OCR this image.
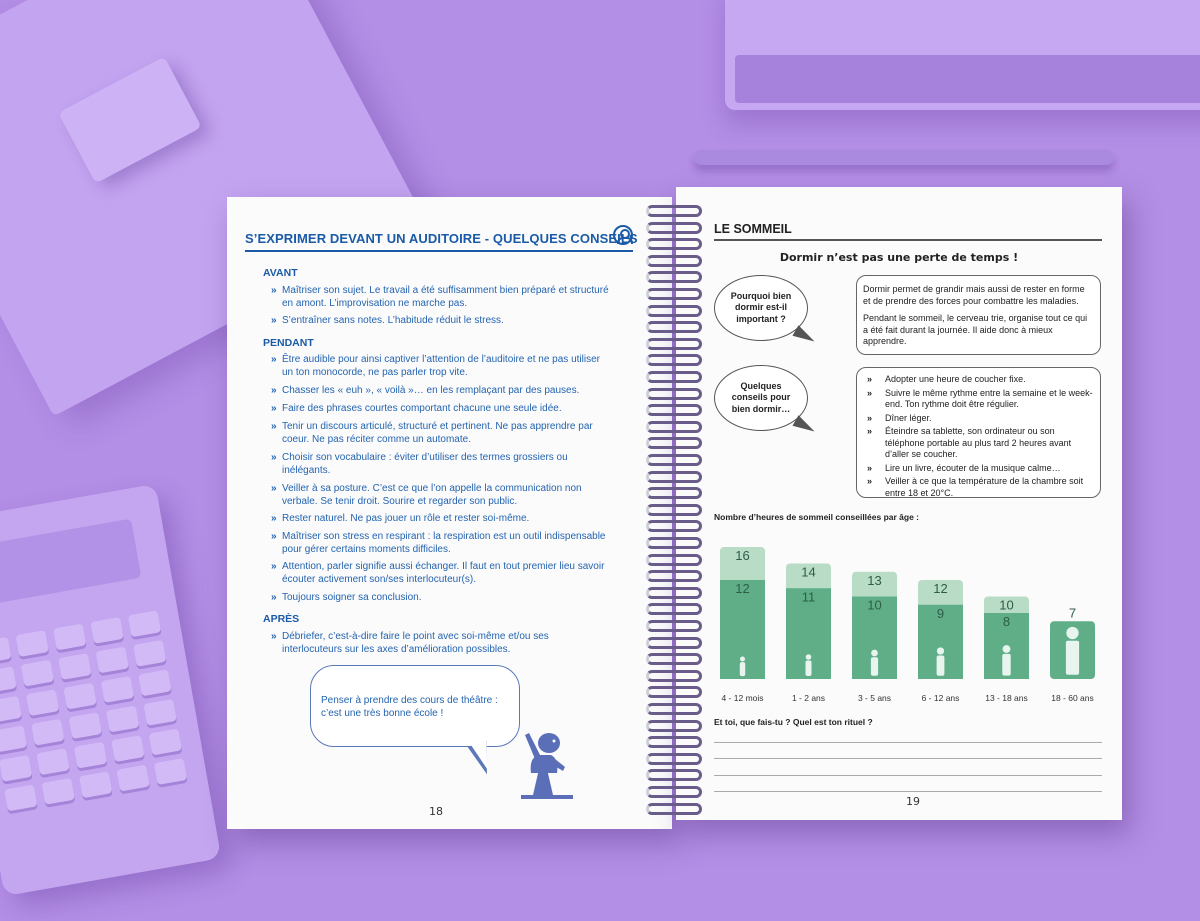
S’EXPRIMER DEVANT UN AUDITOIRE - QUELQUES CONSEILS
AVANT
» Maîtriser son sujet. Le travail a été suffisamment bien préparé et structuré en amont. L’improvisation ne marche pas.
» S’entraîner sans notes. L’habitude réduit le stress.
PENDANT
» Être audible pour ainsi captiver l’attention de l’auditoire et ne pas utiliser un ton monocorde, ne pas parler trop vite.
» Chasser les « euh », « voilà »… en les remplaçant par des pauses.
» Faire des phrases courtes comportant chacune une seule idée.
» Tenir un discours articulé, structuré et pertinent. Ne pas apprendre par coeur. Ne pas réciter comme un automate.
» Choisir son vocabulaire : éviter d’utiliser des termes grossiers ou inélégants.
» Veiller à sa posture. C’est ce que l’on appelle la communication non verbale. Se tenir droit. Sourire et regarder son public.
» Rester naturel. Ne pas jouer un rôle et rester soi-même.
» Maîtriser son stress en respirant : la respiration est un outil indispensable pour gérer certains moments difficiles.
» Attention, parler signifie aussi échanger. Il faut en tout premier lieu savoir écouter activement son/ses interlocuteur(s).
» Toujours soigner sa conclusion.
APRÈS
» Débriefer, c’est-à-dire faire le point avec soi-même et/ou ses interlocuteurs sur les axes d’amélioration possibles.
Penser à prendre des cours de théâtre : c’est une très bonne école !
18
LE SOMMEIL
Dormir n’est pas une perte de temps !
Pourquoi bien dormir est-il important ?

Dormir permet de grandir mais aussi de rester en forme et de prendre des forces pour combattre les maladies.

Pendant le sommeil, le cerveau trie, organise tout ce qui a été fait durant la journée. Il aide donc à mieux apprendre.

Quelques conseils pour bien dormir…
» Adopter une heure de coucher fixe.
» Suivre le même rythme entre la semaine et le week-end. Ton rythme doit être régulier.
» Dîner léger.
» Éteindre sa tablette, son ordinateur ou son téléphone portable au plus tard 2 heures avant d’aller se coucher.
» Lire un livre, écouter de la musique calme…
» Veiller à ce que la température de la chambre soit entre 18 et 20°C.
Nombre d’heures de sommeil conseillées par âge :
16
12
4 - 12 mois
14
11
1 - 2 ans
13
10
3 - 5 ans
12
9
6 - 12 ans
10
8
13 - 18 ans
7
18 - 60 ans
Et toi, que fais-tu ? Quel est ton rituel ?
19
